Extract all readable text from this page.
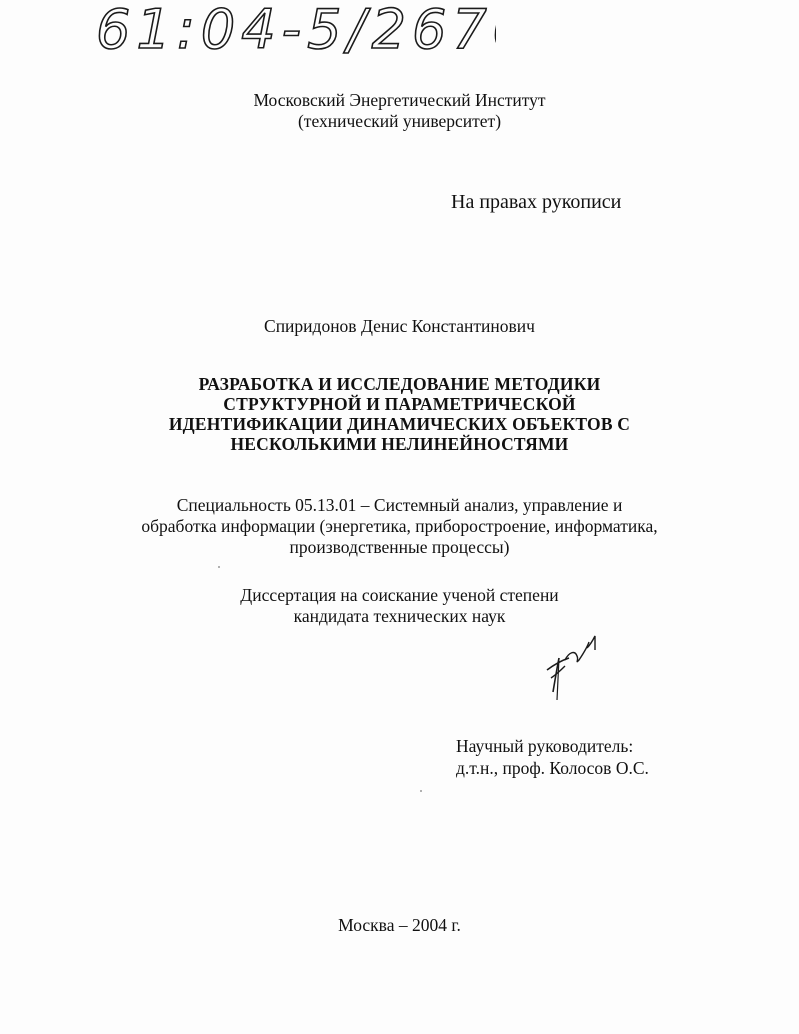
61:04-5/2670
Московский Энергетический Институт
(технический университет)
На правах рукописи
Спиридонов Денис Константинович
РАЗРАБОТКА И ИССЛЕДОВАНИЕ МЕТОДИКИ
СТРУКТУРНОЙ И ПАРАМЕТРИЧЕСКОЙ
ИДЕНТИФИКАЦИИ ДИНАМИЧЕСКИХ ОБЪЕКТОВ С
НЕСКОЛЬКИМИ НЕЛИНЕЙНОСТЯМИ
Специальность 05.13.01 – Системный анализ, управление и
обработка информации (энергетика, приборостроение, информатика,
производственные процессы)
Диссертация на соискание ученой степени
кандидата технических наук
Научный руководитель:
д.т.н., проф. Колосов О.С.
Москва – 2004 г.
